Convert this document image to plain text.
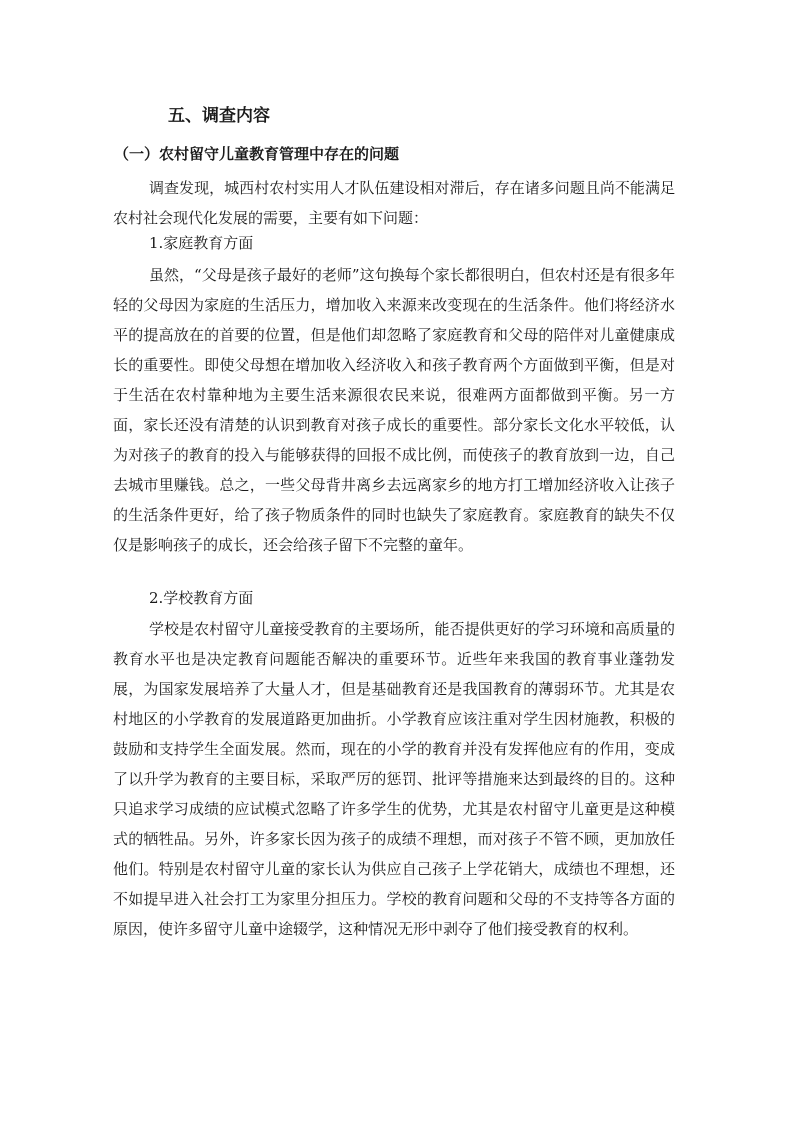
五、调查内容
（一）农村留守儿童教育管理中存在的问题

调查发现，城西村农村实用人才队伍建设相对滞后，存在诸多问题且尚不能满足农村社会现代化发展的需要，主要有如下问题：

1.家庭教育方面

虽然，“父母是孩子最好的老师”这句换每个家长都很明白，但农村还是有很多年轻的父母因为家庭的生活压力，增加收入来源来改变现在的生活条件。他们将经济水平的提高放在的首要的位置，但是他们却忽略了家庭教育和父母的陪伴对儿童健康成长的重要性。即使父母想在增加收入经济收入和孩子教育两个方面做到平衡，但是对于生活在农村靠种地为主要生活来源很农民来说，很难两方面都做到平衡。另一方面，家长还没有清楚的认识到教育对孩子成长的重要性。部分家长文化水平较低，认为对孩子的教育的投入与能够获得的回报不成比例，而使孩子的教育放到一边，自己去城市里赚钱。总之，一些父母背井离乡去远离家乡的地方打工增加经济收入让孩子的生活条件更好，给了孩子物质条件的同时也缺失了家庭教育。家庭教育的缺失不仅仅是影响孩子的成长，还会给孩子留下不完整的童年。

2.学校教育方面

学校是农村留守儿童接受教育的主要场所，能否提供更好的学习环境和高质量的教育水平也是决定教育问题能否解决的重要环节。近些年来我国的教育事业蓬勃发展，为国家发展培养了大量人才，但是基础教育还是我国教育的薄弱环节。尤其是农村地区的小学教育的发展道路更加曲折。小学教育应该注重对学生因材施教，积极的鼓励和支持学生全面发展。然而，现在的小学的教育并没有发挥他应有的作用，变成了以升学为教育的主要目标，采取严厉的惩罚、批评等措施来达到最终的目的。这种只追求学习成绩的应试模式忽略了许多学生的优势，尤其是农村留守儿童更是这种模式的牺牲品。另外，许多家长因为孩子的成绩不理想，而对孩子不管不顾，更加放任他们。特别是农村留守儿童的家长认为供应自己孩子上学花销大，成绩也不理想，还不如提早进入社会打工为家里分担压力。学校的教育问题和父母的不支持等各方面的原因，使许多留守儿童中途辍学，这种情况无形中剥夺了他们接受教育的权利。
